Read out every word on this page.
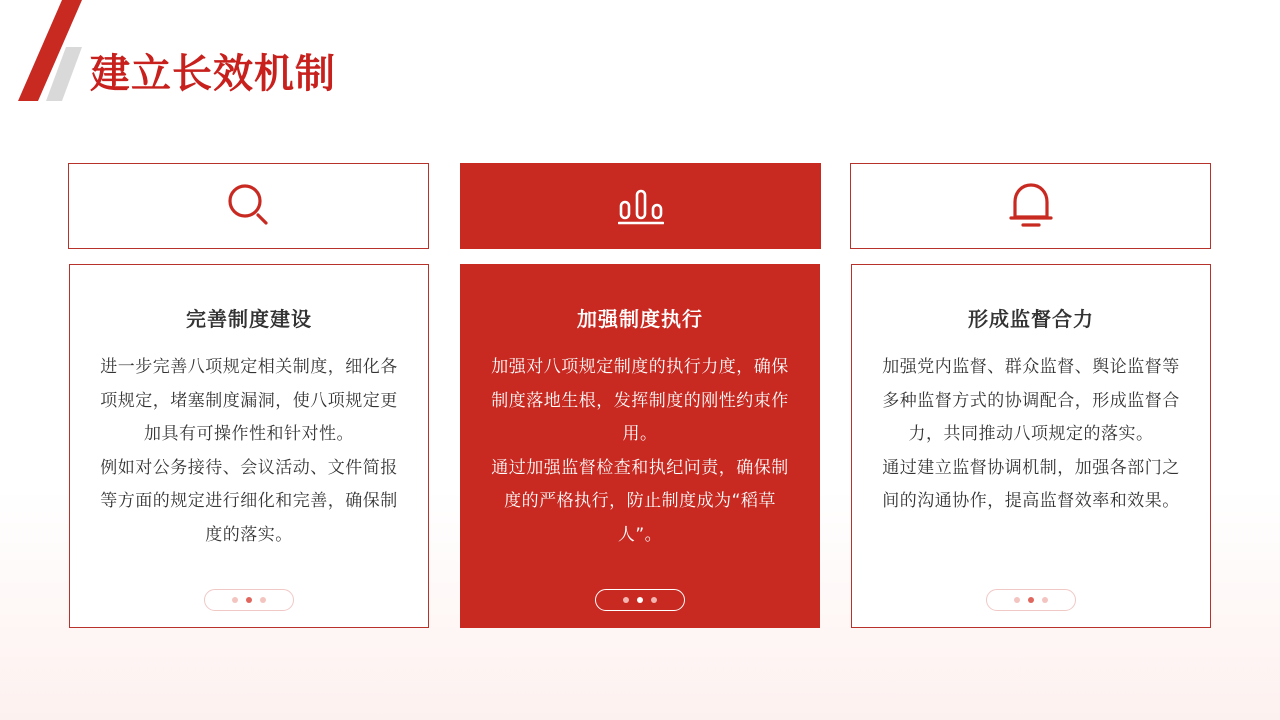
建立长效机制
完善制度建设

进一步完善八项规定相关制度，细化各项规定，堵塞制度漏洞，使八项规定更加具有可操作性和针对性。

例如对公务接待、会议活动、文件简报等方面的规定进行细化和完善，确保制度的落实。

加强制度执行

加强对八项规定制度的执行力度，确保制度落地生根，发挥制度的刚性约束作用。

通过加强监督检查和执纪问责，确保制度的严格执行，防止制度成为“稻草人”。

形成监督合力

加强党内监督、群众监督、舆论监督等多种监督方式的协调配合，形成监督合力，共同推动八项规定的落实。

通过建立监督协调机制，加强各部门之间的沟通协作，提高监督效率和效果。
